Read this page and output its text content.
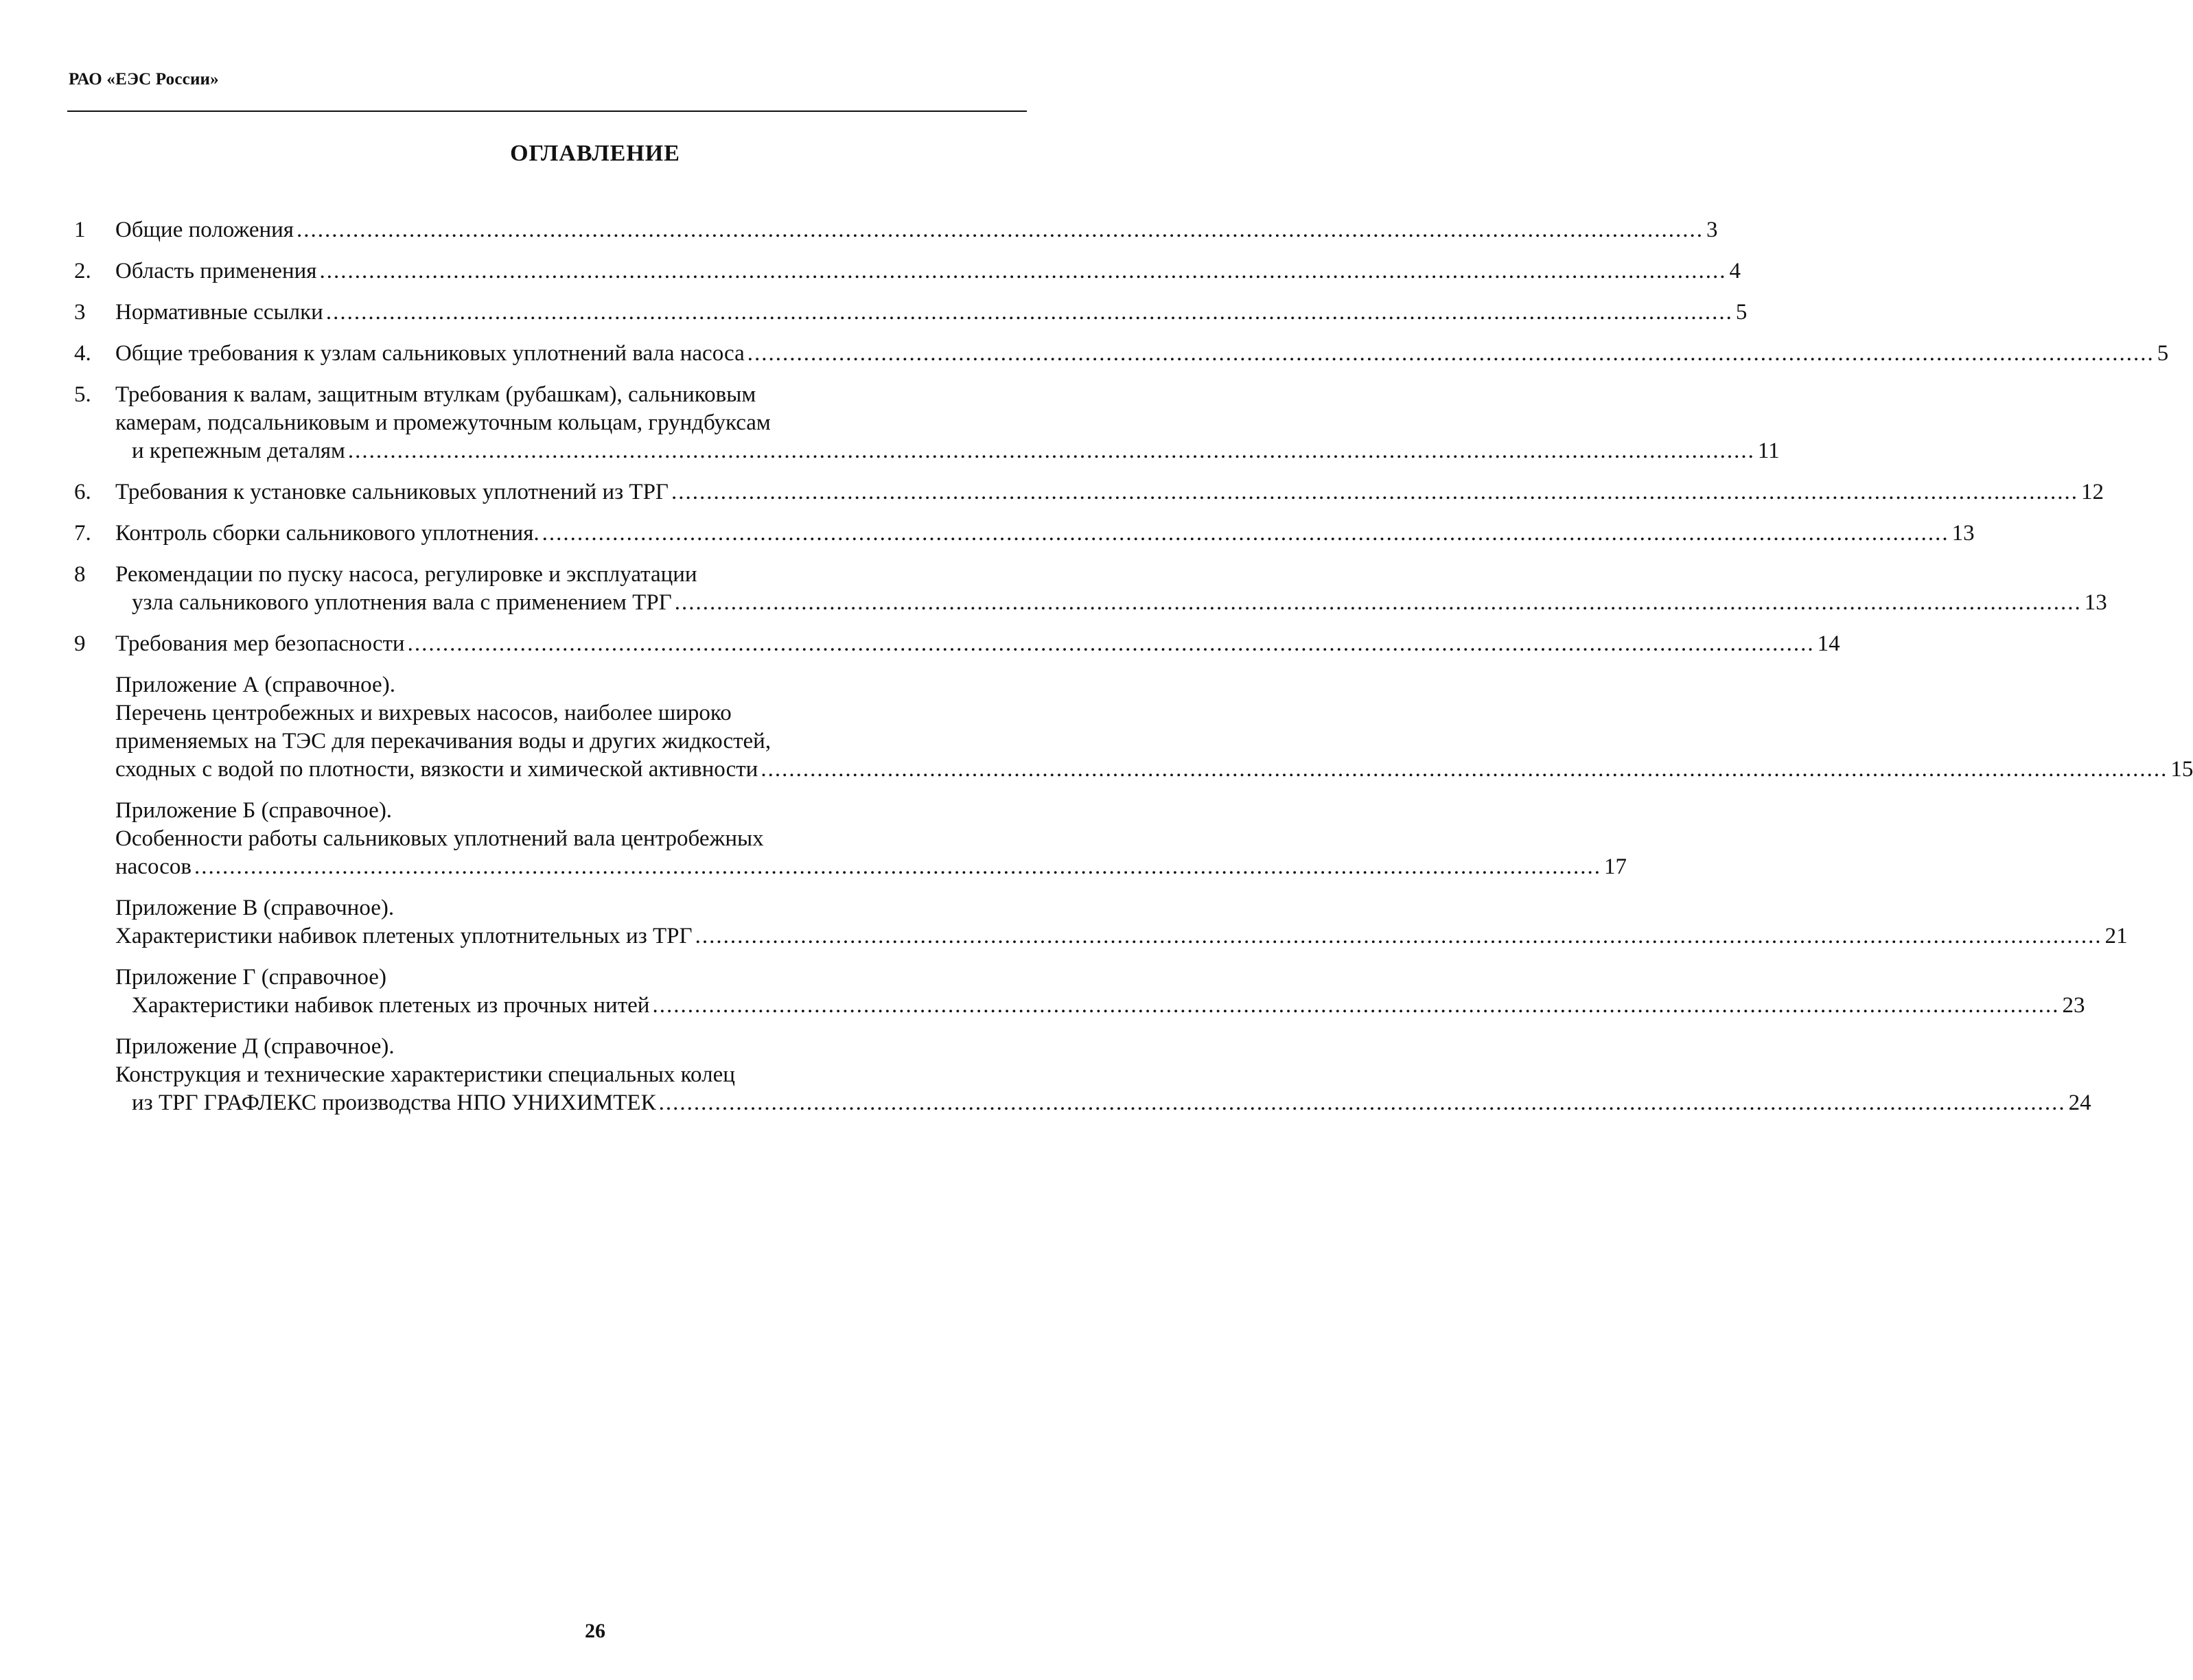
РАО «ЕЭС России»
ОГЛАВЛЕНИЕ
1	Общие положения ........................................................................................................................................................................................................ 3
2.	Область применения ........................................................................................................................................................................................................ 4
3	Нормативные ссылки ........................................................................................................................................................................................................ 5
4.	Общие требования к узлам сальниковых уплотнений вала насоса ........................................................................................................................................................................................................ 5
5.	Требования к валам, защитным втулкам (рубашкам), сальниковым
камерам, подсальниковым и промежуточным кольцам, грундбуксам
и крепежным деталям ........................................................................................................................................................................................................ 11
6.	Требования к установке сальниковых уплотнений из ТРГ ........................................................................................................................................................................................................ 12
7.	Контроль сборки сальникового уплотнения. ........................................................................................................................................................................................................ 13
8	Рекомендации по пуску насоса, регулировке и эксплуатации
узла сальникового уплотнения вала с применением ТРГ ........................................................................................................................................................................................................ 13
9	Требования мер безопасности ........................................................................................................................................................................................................ 14
Приложение А (справочное).
Перечень центробежных и вихревых насосов, наиболее широко
применяемых на ТЭС для перекачивания воды и других жидкостей,
сходных с водой по плотности, вязкости и химической активности ........................................................................................................................................................................................................ 15
Приложение Б (справочное).
Особенности работы сальниковых уплотнений вала центробежных
насосов ........................................................................................................................................................................................................ 17
Приложение В (справочное).
Характеристики набивок плетеных уплотнительных из ТРГ ........................................................................................................................................................................................................ 21
Приложение Г (справочное)
Характеристики набивок плетеных из прочных нитей ........................................................................................................................................................................................................ 23
Приложение Д (справочное).
Конструкция и технические характеристики специальных колец
из ТРГ ГРАФЛЕКС производства НПО УНИХИМТЕК ........................................................................................................................................................................................................ 24
26
